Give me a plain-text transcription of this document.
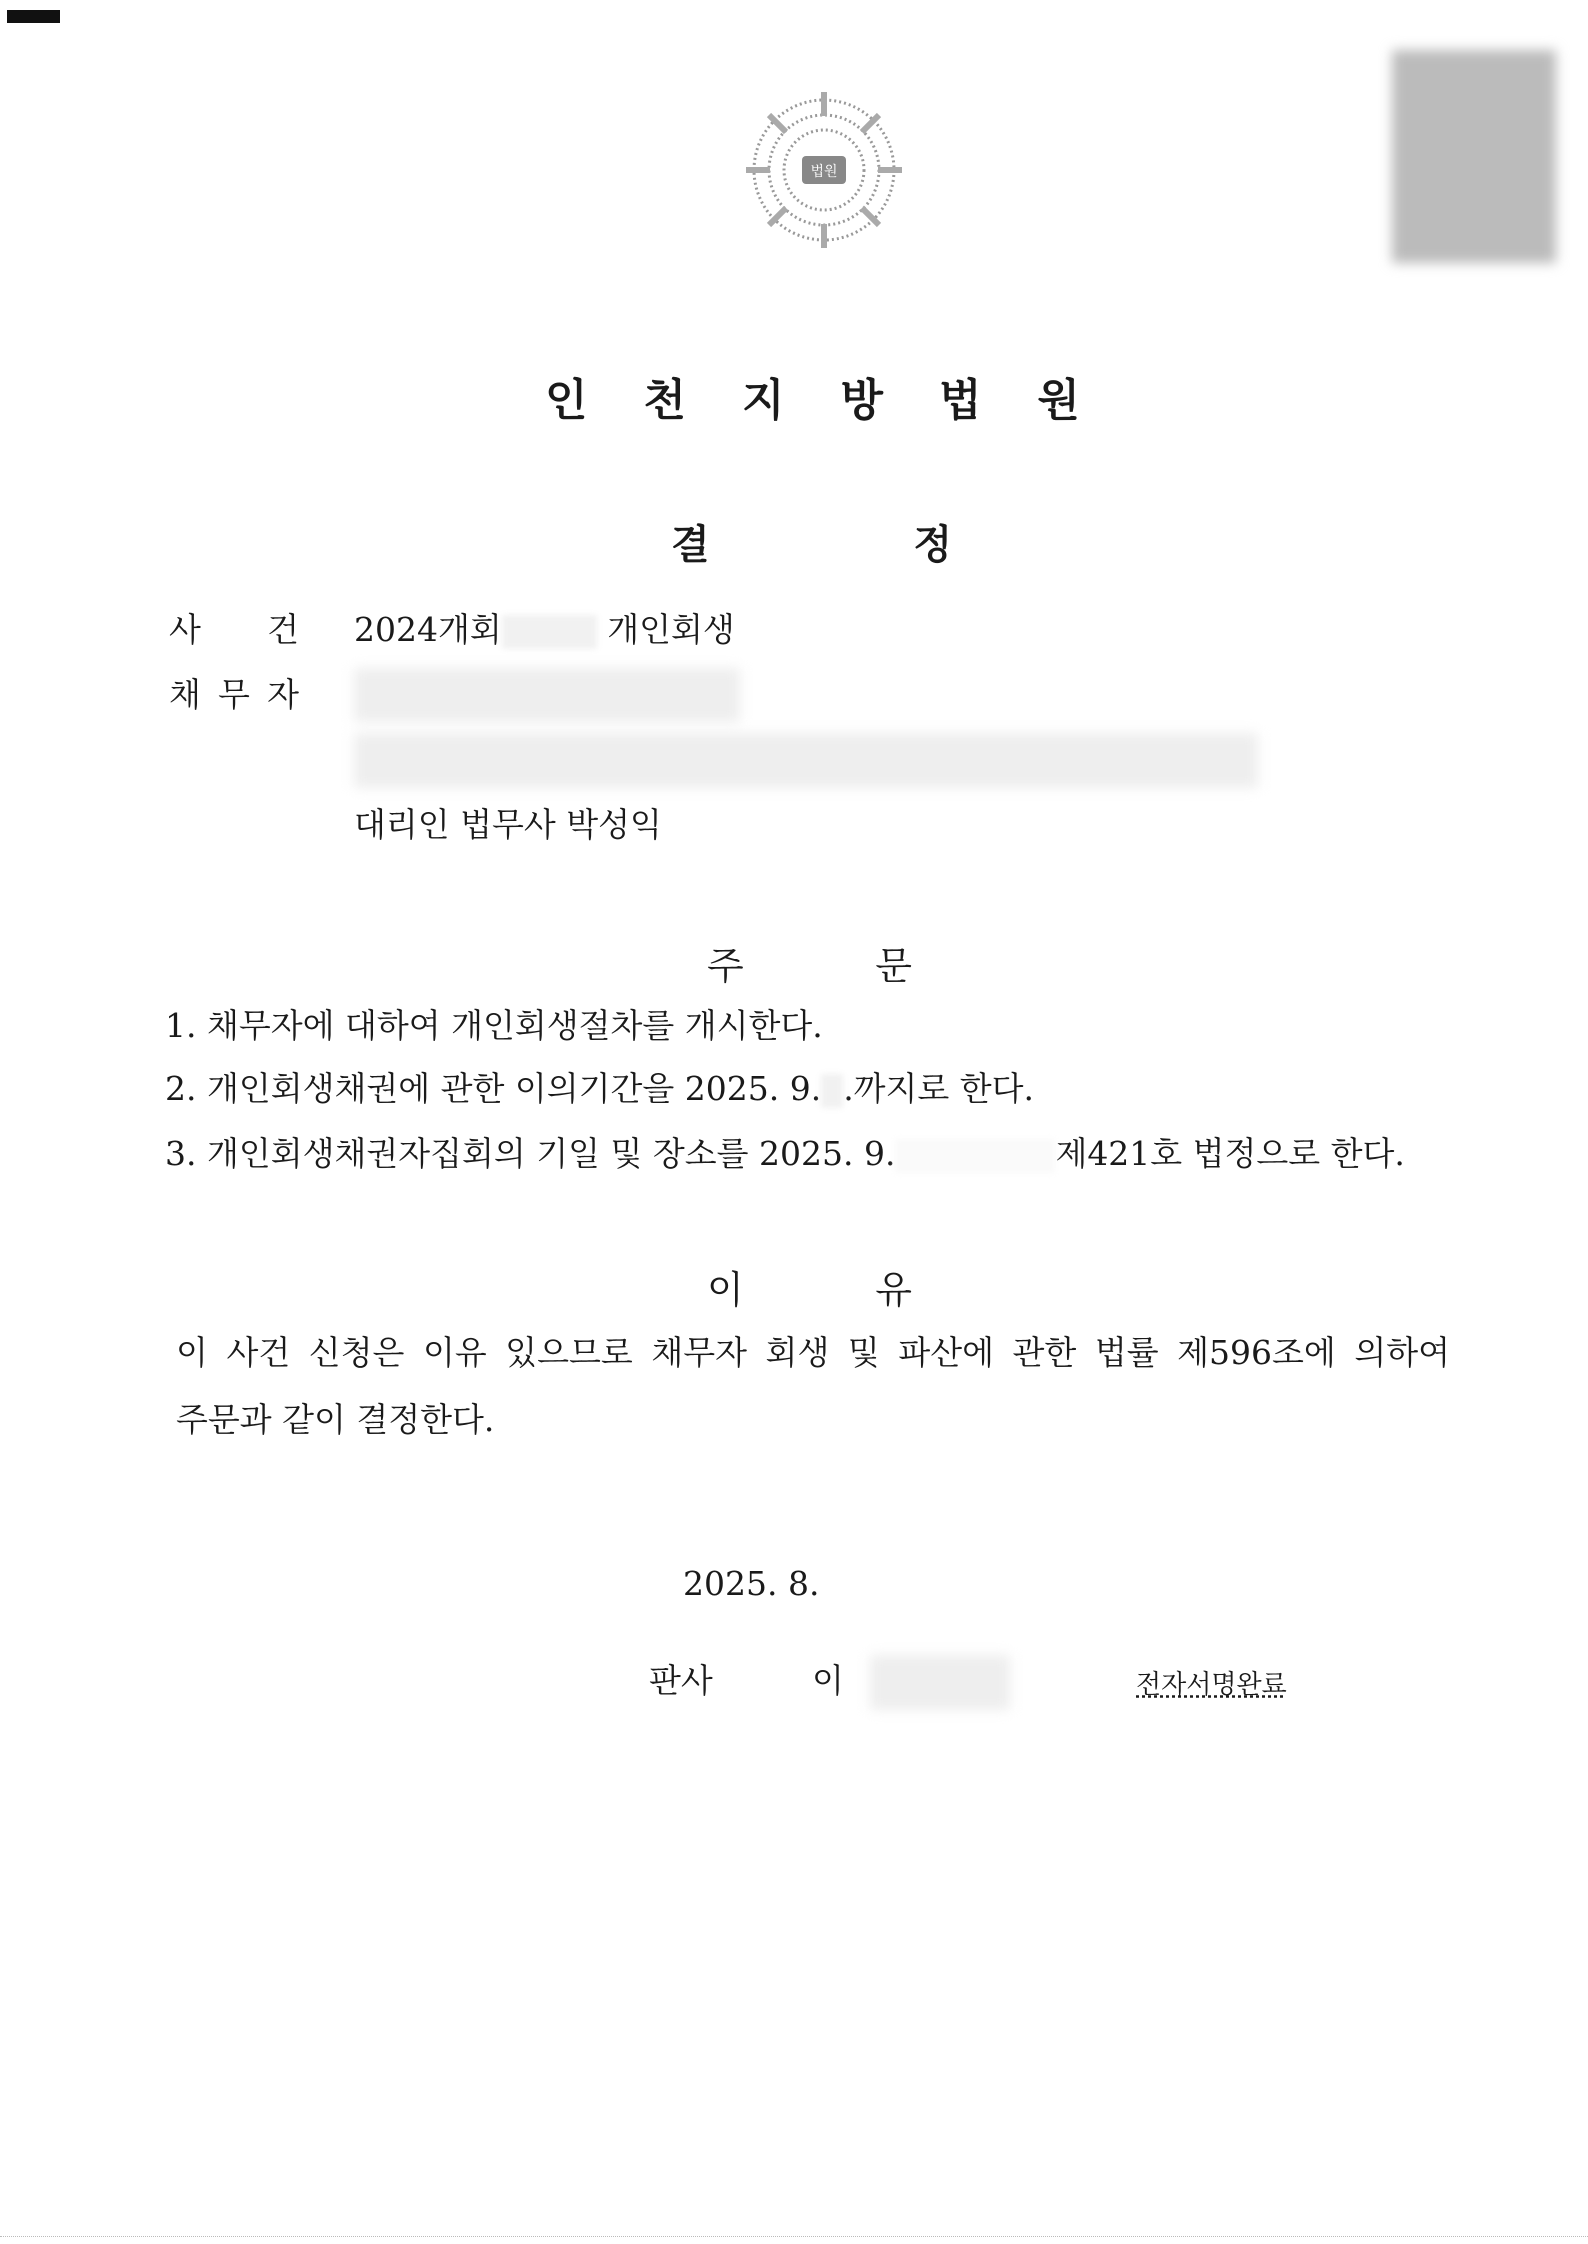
법원
인 천 지 방 법 원
결	정
사 건 2024개회	개인회생
채 무 자
대리인 법무사 박성익
주	문
1. 채무자에 대하여 개인회생절차를 개시한다.
2. 개인회생채권에 관한 이의기간을 2025. 9. .까지로 한다.
3. 개인회생채권자집회의 기일 및 장소를 2025. 9.	제421호 법정으로 한다.
이	유
이 사건 신청은 이유 있으므로 채무자 회생 및 파산에 관한 법률 제596조에 의하여
주문과 같이 결정한다.
2025. 8.
판사	이	전자서명완료
